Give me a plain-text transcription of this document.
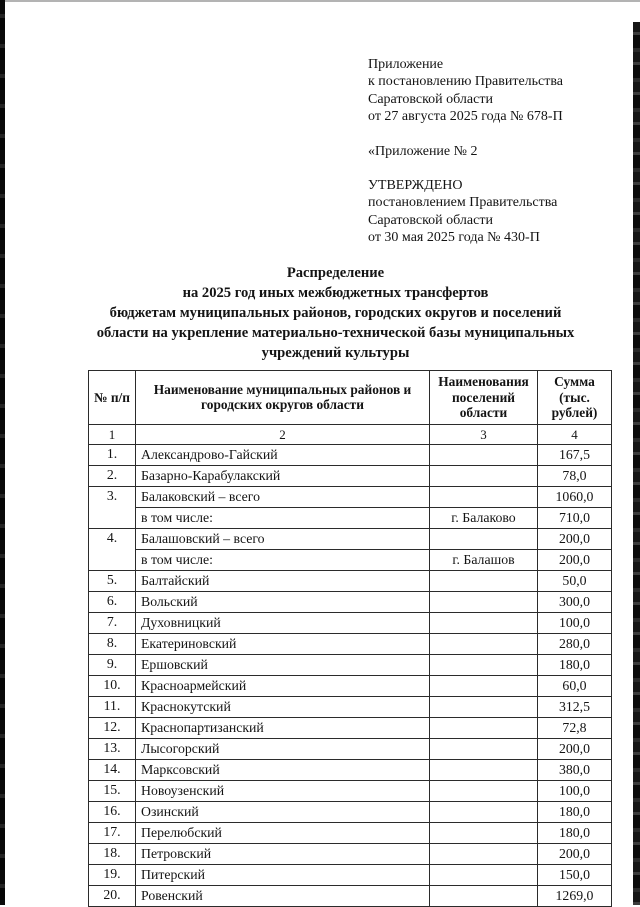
Приложение
к постановлению Правительства
Саратовской области
от 27 августа 2025 года № 678-П
«Приложение № 2
УТВЕРЖДЕНО
постановлением Правительства
Саратовской области
от 30 мая 2025 года № 430-П
Распределение
на 2025 год иных межбюджетных трансфертов
бюджетам муниципальных районов, городских округов и поселений
области на укрепление материально-технической базы муниципальных
учреждений культуры
№ п/п	Наименование муниципальных районов и городских округов области	Наименования поселений области	Сумма (тыс. рублей)
1	2	3	4
1.	Александрово-Гайский		167,5
2.	Базарно-Карабулакский		78,0
3.	Балаковский – всего		1060,0
	в том числе:	г. Балаково	710,0
4.	Балашовский – всего		200,0
	в том числе:	г. Балашов	200,0
5.	Балтайский		50,0
6.	Вольский		300,0
7.	Духовницкий		100,0
8.	Екатериновский		280,0
9.	Ершовский		180,0
10.	Красноармейский		60,0
11.	Краснокутский		312,5
12.	Краснопартизанский		72,8
13.	Лысогорский		200,0
14.	Марксовский		380,0
15.	Новоузенский		100,0
16.	Озинский		180,0
17.	Перелюбский		180,0
18.	Петровский		200,0
19.	Питерский		150,0
20.	Ровенский		1269,0
